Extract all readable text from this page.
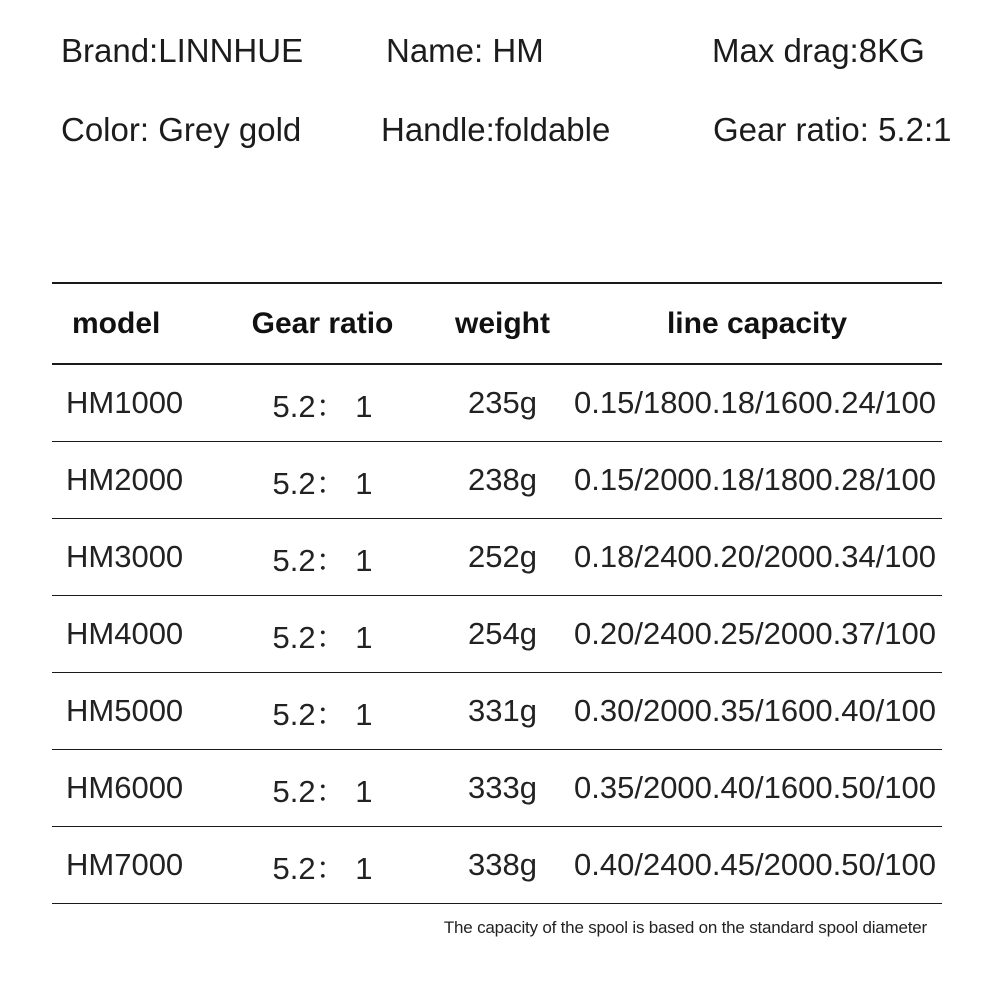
Brand:LINNHUE	Name: HM	Max drag:8KG
Color: Grey gold Handle:foldable	Gear ratio: 5.2:1
model	Gear ratio	weight	line capacity
HM1000	5.2： 1	235g	0.15/180 0.18/160 0.24/100
HM2000	5.2： 1	238g	0.15/200 0.18/180 0.28/100
HM3000	5.2： 1	252g	0.18/240 0.20/200 0.34/100
HM4000	5.2： 1	254g	0.20/240 0.25/200 0.37/100
HM5000	5.2： 1	331g	0.30/200 0.35/160 0.40/100
HM6000	5.2： 1	333g	0.35/200 0.40/160 0.50/100
HM7000	5.2： 1	338g	0.40/240 0.45/200 0.50/100
The capacity of the spool is based on the standard spool diameter
